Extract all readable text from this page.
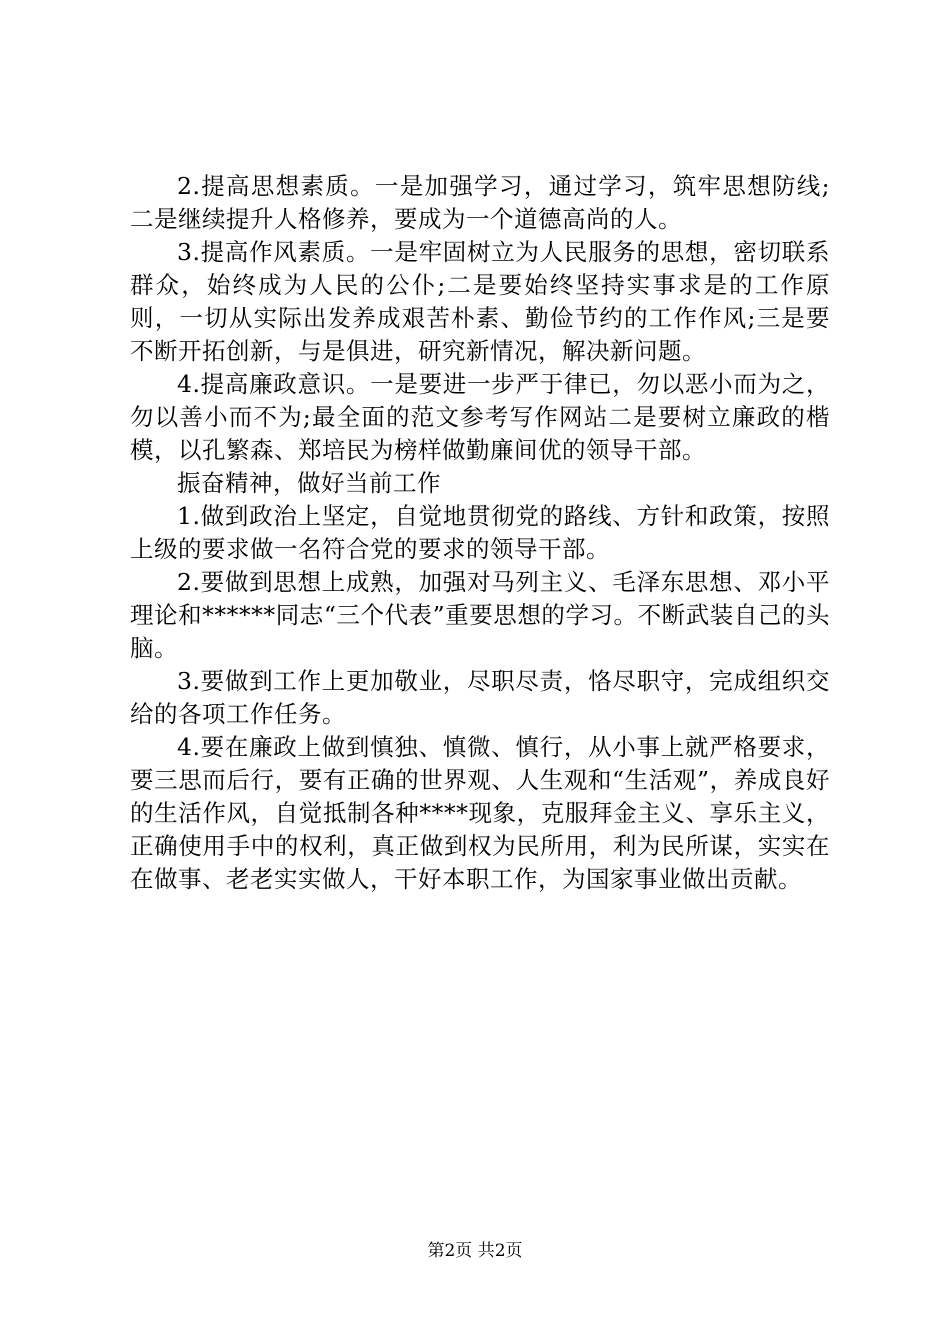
2.提高思想素质。一是加强学习，通过学习，筑牢思想防线;二是继续提升人格修养，要成为一个道德高尚的人。

3.提高作风素质。一是牢固树立为人民服务的思想，密切联系群众，始终成为人民的公仆;二是要始终坚持实事求是的工作原则，一切从实际出发养成艰苦朴素、勤俭节约的工作作风;三是要不断开拓创新，与是俱进，研究新情况，解决新问题。

4.提高廉政意识。一是要进一步严于律已，勿以恶小而为之，勿以善小而不为;最全面的范文参考写作网站二是要树立廉政的楷模，以孔繁森、郑培民为榜样做勤廉间优的领导干部。

振奋精神，做好当前工作

1.做到政治上坚定，自觉地贯彻党的路线、方针和政策，按照上级的要求做一名符合党的要求的领导干部。

2.要做到思想上成熟，加强对马列主义、毛泽东思想、邓小平理论和******同志“三个代表”重要思想的学习。不断武装自己的头脑。

3.要做到工作上更加敬业，尽职尽责，恪尽职守，完成组织交给的各项工作任务。

4.要在廉政上做到慎独、慎微、慎行，从小事上就严格要求，要三思而后行，要有正确的世界观、人生观和“生活观”，养成良好的生活作风，自觉抵制各种****现象，克服拜金主义、享乐主义，正确使用手中的权利，真正做到权为民所用，利为民所谋，实实在在做事、老老实实做人，干好本职工作，为国家事业做出贡献。

第2页 共2页
